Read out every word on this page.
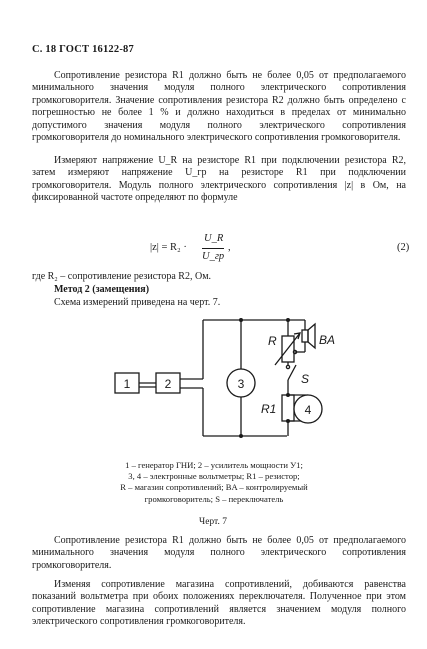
С. 18 ГОСТ 16122-87
Сопротивление резистора R1 должно быть не более 0,05 от предполагаемого минимального значения модуля полного электрического сопротивления громкоговорителя. Значение сопротивления резистора R2 должно быть определено с погрешностью не более 1 % и должно находиться в пределах от минимально допустимого значения модуля полного электрического сопротивления громкоговорителя до номинального электрического сопротивления громкоговорителя.
Измеряют напряжение U_R на резисторе R1 при подключении резистора R2, затем измеряют напряжение U_гр на резисторе R1 при подключении громкоговорителя. Модуль полного электрического сопротивления |z| в Ом, на фиксированной частоте определяют по формуле
|z| = R₂ ·
U_R
U_гр
,	(2)
где R₂ – сопротивление резистора R2, Ом.
Метод 2 (замещения)
Схема измерений приведена на черт. 7.
1	2	3
4
R
R1
BA
S
1 – генератор ГНИ; 2 – усилитель мощности У1;
3, 4 – электронные вольтметры; R1 – резистор;
R – магазин сопротивлений; BA – контролируемый
громкоговоритель; S – переключатель
Черт. 7
Сопротивление резистора R1 должно быть не более 0,05 от предполагаемого минимального значения модуля полного электрического сопротивления громкоговорителя.
Изменяя сопротивление магазина сопротивлений, добиваются равенства показаний вольтметра при обоих положениях переключателя. Полученное при этом сопротивление магазина сопротивлений является значением модуля полного электрического сопротивления громкоговорителя.
